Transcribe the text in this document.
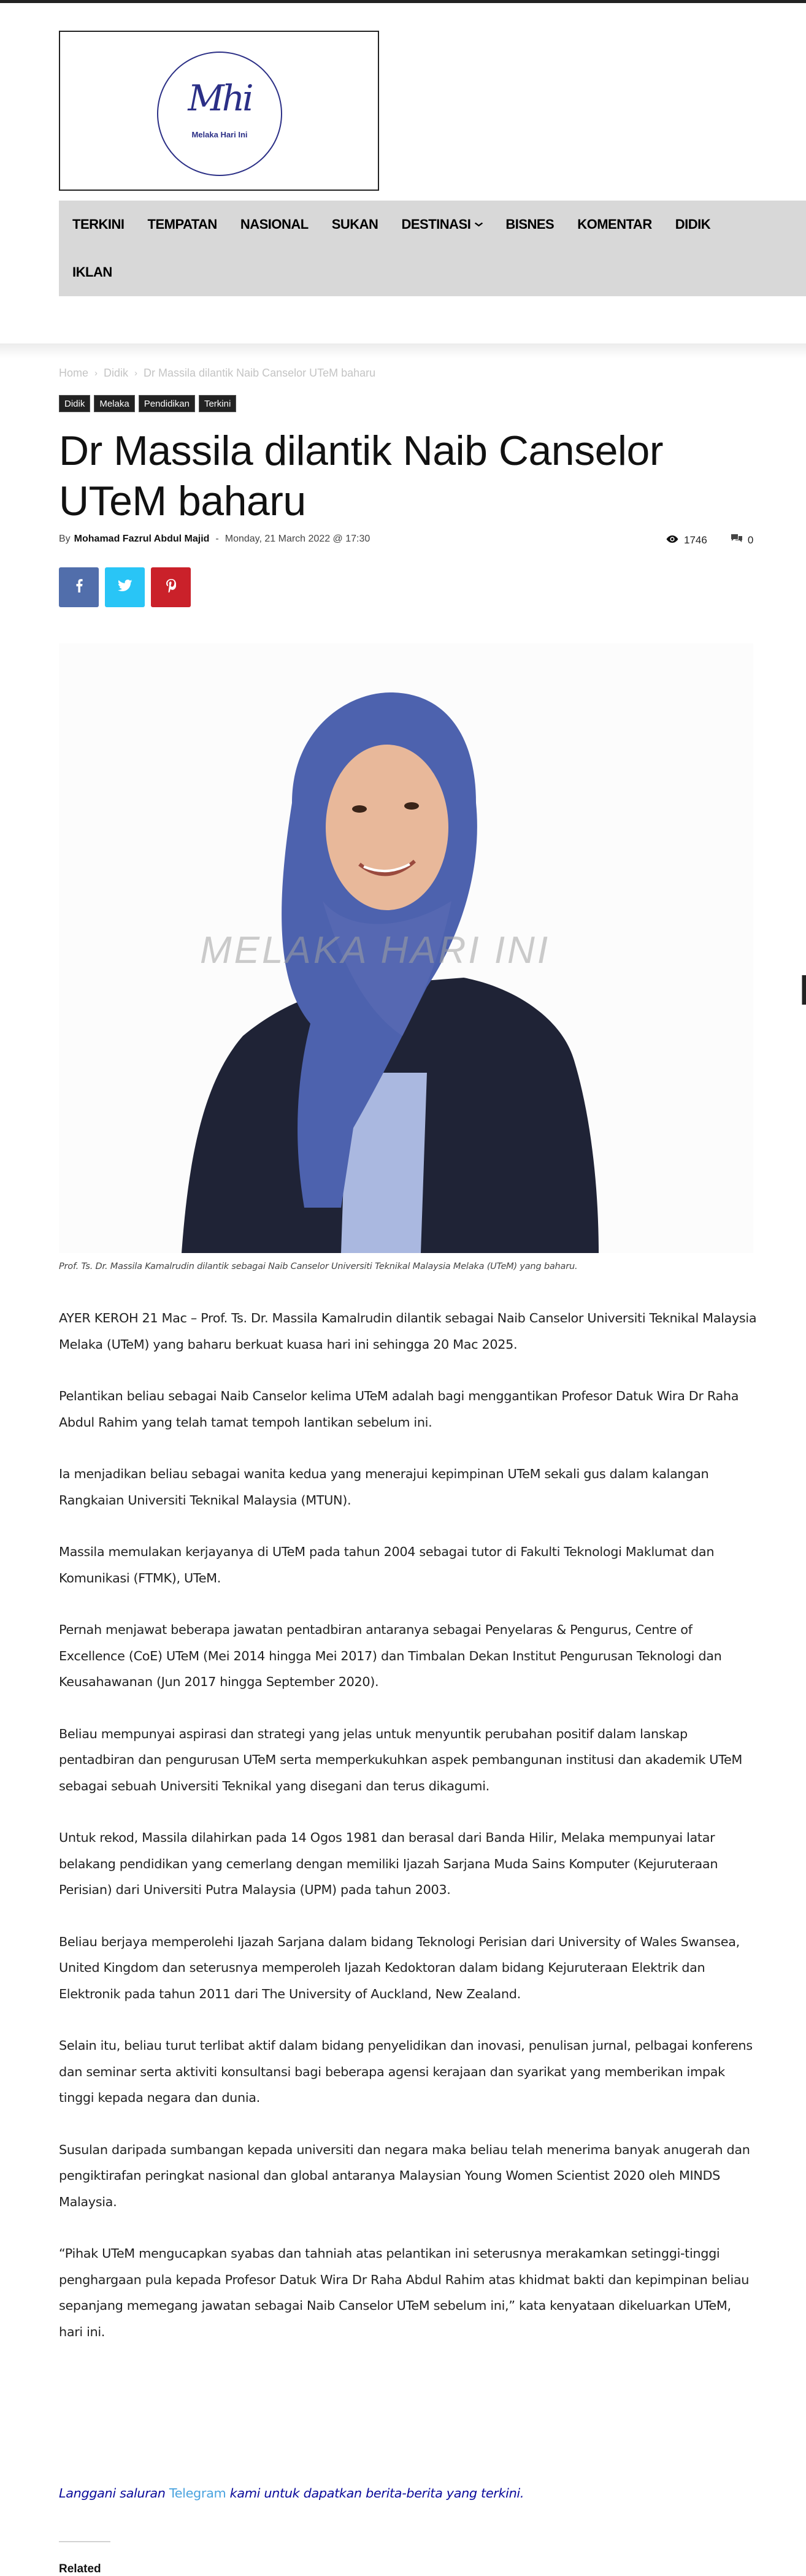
Mhi
Melaka Hari Ini
TERKINI TEMPATAN NASIONAL SUKAN DESTINASI	BISNES KOMENTAR DIDIK
IKLAN
Home › Didik › Dr Massila dilantik Naib Canselor UTeM baharu
Didik	Melaka	Pendidikan	Terkini
Dr Massila dilantik Naib Canselor UTeM baharu
By Mohamad Fazrul Abdul Majid - Monday, 21 March 2022 @ 17:30	1746	0
MELAKA HARI INI

Prof. Ts. Dr. Massila Kamalrudin dilantik sebagai Naib Canselor Universiti Teknikal Malaysia Melaka (UTeM) yang baharu.

AYER KEROH 21 Mac – Prof. Ts. Dr. Massila Kamalrudin dilantik sebagai Naib Canselor Universiti Teknikal Malaysia Melaka (UTeM) yang baharu berkuat kuasa hari ini sehingga 20 Mac 2025.

Pelantikan beliau sebagai Naib Canselor kelima UTeM adalah bagi menggantikan Profesor Datuk Wira Dr Raha Abdul Rahim yang telah tamat tempoh lantikan sebelum ini.

Ia menjadikan beliau sebagai wanita kedua yang menerajui kepimpinan UTeM sekali gus dalam kalangan Rangkaian Universiti Teknikal Malaysia (MTUN).

Massila memulakan kerjayanya di UTeM pada tahun 2004 sebagai tutor di Fakulti Teknologi Maklumat dan Komunikasi (FTMK), UTeM.

Pernah menjawat beberapa jawatan pentadbiran antaranya sebagai Penyelaras & Pengurus, Centre of Excellence (CoE) UTeM (Mei 2014 hingga Mei 2017) dan Timbalan Dekan Institut Pengurusan Teknologi dan Keusahawanan (Jun 2017 hingga September 2020).

Beliau mempunyai aspirasi dan strategi yang jelas untuk menyuntik perubahan positif dalam lanskap pentadbiran dan pengurusan UTeM serta memperkukuhkan aspek pembangunan institusi dan akademik UTeM sebagai sebuah Universiti Teknikal yang disegani dan terus dikagumi.

Untuk rekod, Massila dilahirkan pada 14 Ogos 1981 dan berasal dari Banda Hilir, Melaka mempunyai latar belakang pendidikan yang cemerlang dengan memiliki Ijazah Sarjana Muda Sains Komputer (Kejuruteraan Perisian) dari Universiti Putra Malaysia (UPM) pada tahun 2003.

Beliau berjaya memperolehi Ijazah Sarjana dalam bidang Teknologi Perisian dari University of Wales Swansea, United Kingdom dan seterusnya memperoleh Ijazah Kedoktoran dalam bidang Kejuruteraan Elektrik dan Elektronik pada tahun 2011 dari The University of Auckland, New Zealand.

Selain itu, beliau turut terlibat aktif dalam bidang penyelidikan dan inovasi, penulisan jurnal, pelbagai konferens dan seminar serta aktiviti konsultansi bagi beberapa agensi kerajaan dan syarikat yang memberikan impak tinggi kepada negara dan dunia.

Susulan daripada sumbangan kepada universiti dan negara maka beliau telah menerima banyak anugerah dan pengiktirafan peringkat nasional dan global antaranya Malaysian Young Women Scientist 2020 oleh MINDS Malaysia.

“Pihak UTeM mengucapkan syabas dan tahniah atas pelantikan ini seterusnya merakamkan setinggi-tinggi penghargaan pula kepada Profesor Datuk Wira Dr Raha Abdul Rahim atas khidmat bakti dan kepimpinan beliau sepanjang memegang jawatan sebagai Naib Canselor UTeM sebelum ini,” kata kenyataan dikeluarkan UTeM, hari ini.

Langgani saluran Telegram kami untuk dapatkan berita-berita yang terkini.

Related
